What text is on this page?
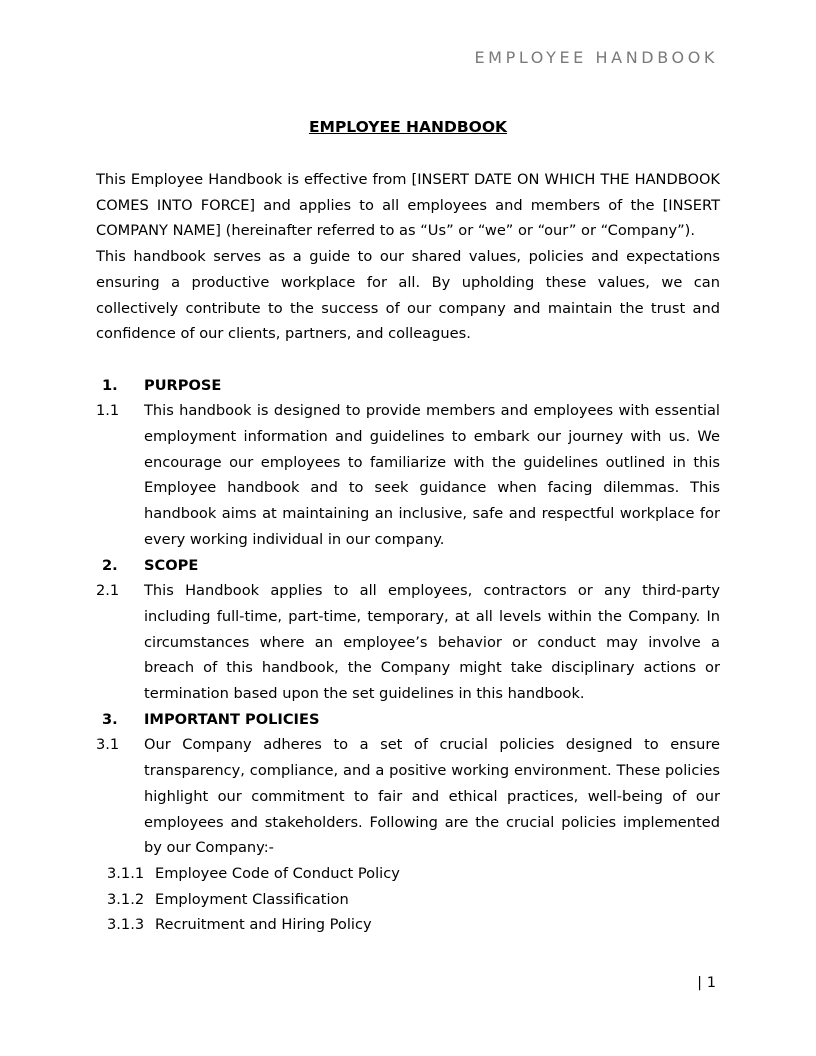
EMPLOYEE HANDBOOK
EMPLOYEE HANDBOOK

This Employee Handbook is effective from [INSERT DATE ON WHICH THE HANDBOOK COMES INTO FORCE] and applies to all employees and members of the [INSERT COMPANY NAME] (hereinafter referred to as “Us” or “we” or “our” or “Company”).

This handbook serves as a guide to our shared values, policies and expectations ensuring a productive workplace for all. By upholding these values, we can collectively contribute to the success of our company and maintain the trust and confidence of our clients, partners, and colleagues.

1.	PURPOSE
1.1	This handbook is designed to provide members and employees with essential employment information and guidelines to embark our journey with us. We encourage our employees to familiarize with the guidelines outlined in this Employee handbook and to seek guidance when facing dilemmas. This handbook aims at maintaining an inclusive, safe and respectful workplace for every working individual in our company.
2.	SCOPE
2.1	This Handbook applies to all employees, contractors or any third-party including full-time, part-time, temporary, at all levels within the Company. In circumstances where an employee’s behavior or conduct may involve a breach of this handbook, the Company might take disciplinary actions or termination based upon the set guidelines in this handbook.
3.	IMPORTANT POLICIES
3.1	Our Company adheres to a set of crucial policies designed to ensure transparency, compliance, and a positive working environment. These policies highlight our commitment to fair and ethical practices, well-being of our employees and stakeholders. Following are the crucial policies implemented by our Company:-
3.1.1 Employee Code of Conduct Policy
3.1.2 Employment Classification
3.1.3 Recruitment and Hiring Policy
| 1
